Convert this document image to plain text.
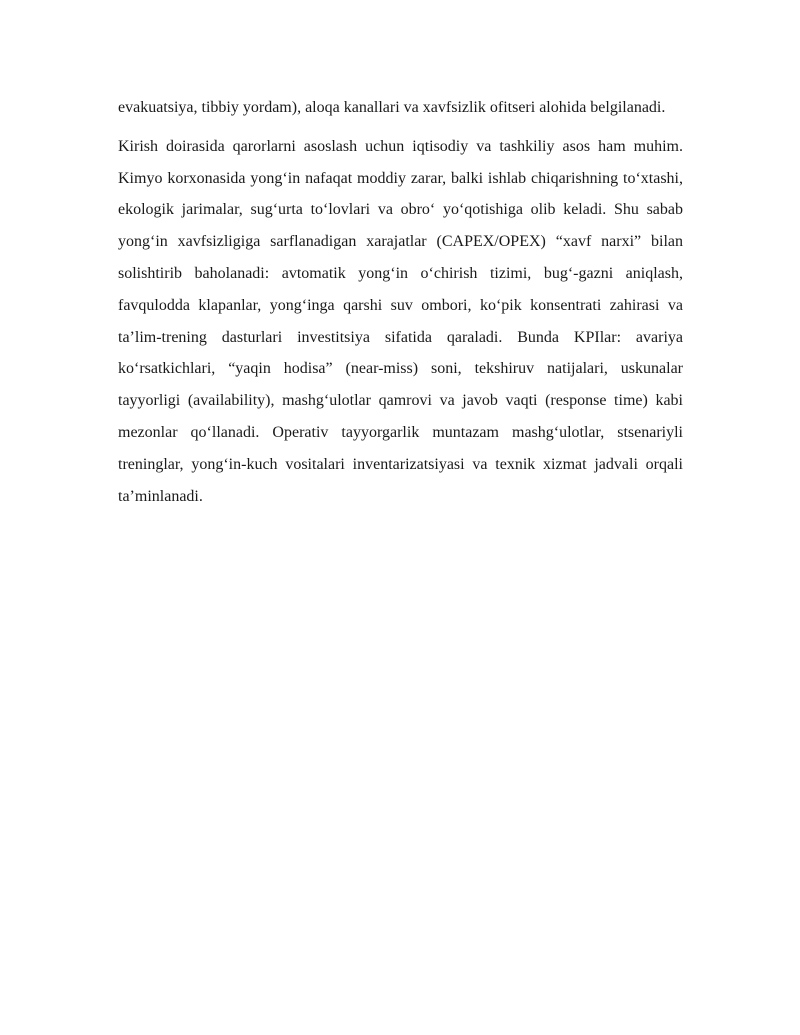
evakuatsiya, tibbiy yordam), aloqa kanallari va xavfsizlik ofitseri alohida belgilanadi.

Kirish doirasida qarorlarni asoslash uchun iqtisodiy va tashkiliy asos ham muhim. Kimyo korxonasida yong‘in nafaqat moddiy zarar, balki ishlab chiqarishning to‘xtashi, ekologik jarimalar, sug‘urta to‘lovlari va obro‘ yo‘qotishiga olib keladi. Shu sabab yong‘in xavfsizligiga sarflanadigan xarajatlar (CAPEX/OPEX) “xavf narxi” bilan solishtirib baholanadi: avtomatik yong‘in o‘chirish tizimi, bug‘-gazni aniqlash, favqulodda klapanlar, yong‘inga qarshi suv ombori, ko‘pik konsentrati zahirasi va ta’lim-trening dasturlari investitsiya sifatida qaraladi. Bunda KPIlar: avariya ko‘rsatkichlari, “yaqin hodisa” (near-miss) soni, tekshiruv natijalari, uskunalar tayyorligi (availability), mashg‘ulotlar qamrovi va javob vaqti (response time) kabi mezonlar qo‘llanadi. Operativ tayyorgarlik muntazam mashg‘ulotlar, stsenariyli treninglar, yong‘in-kuch vositalari inventarizatsiyasi va texnik xizmat jadvali orqali ta’minlanadi.
